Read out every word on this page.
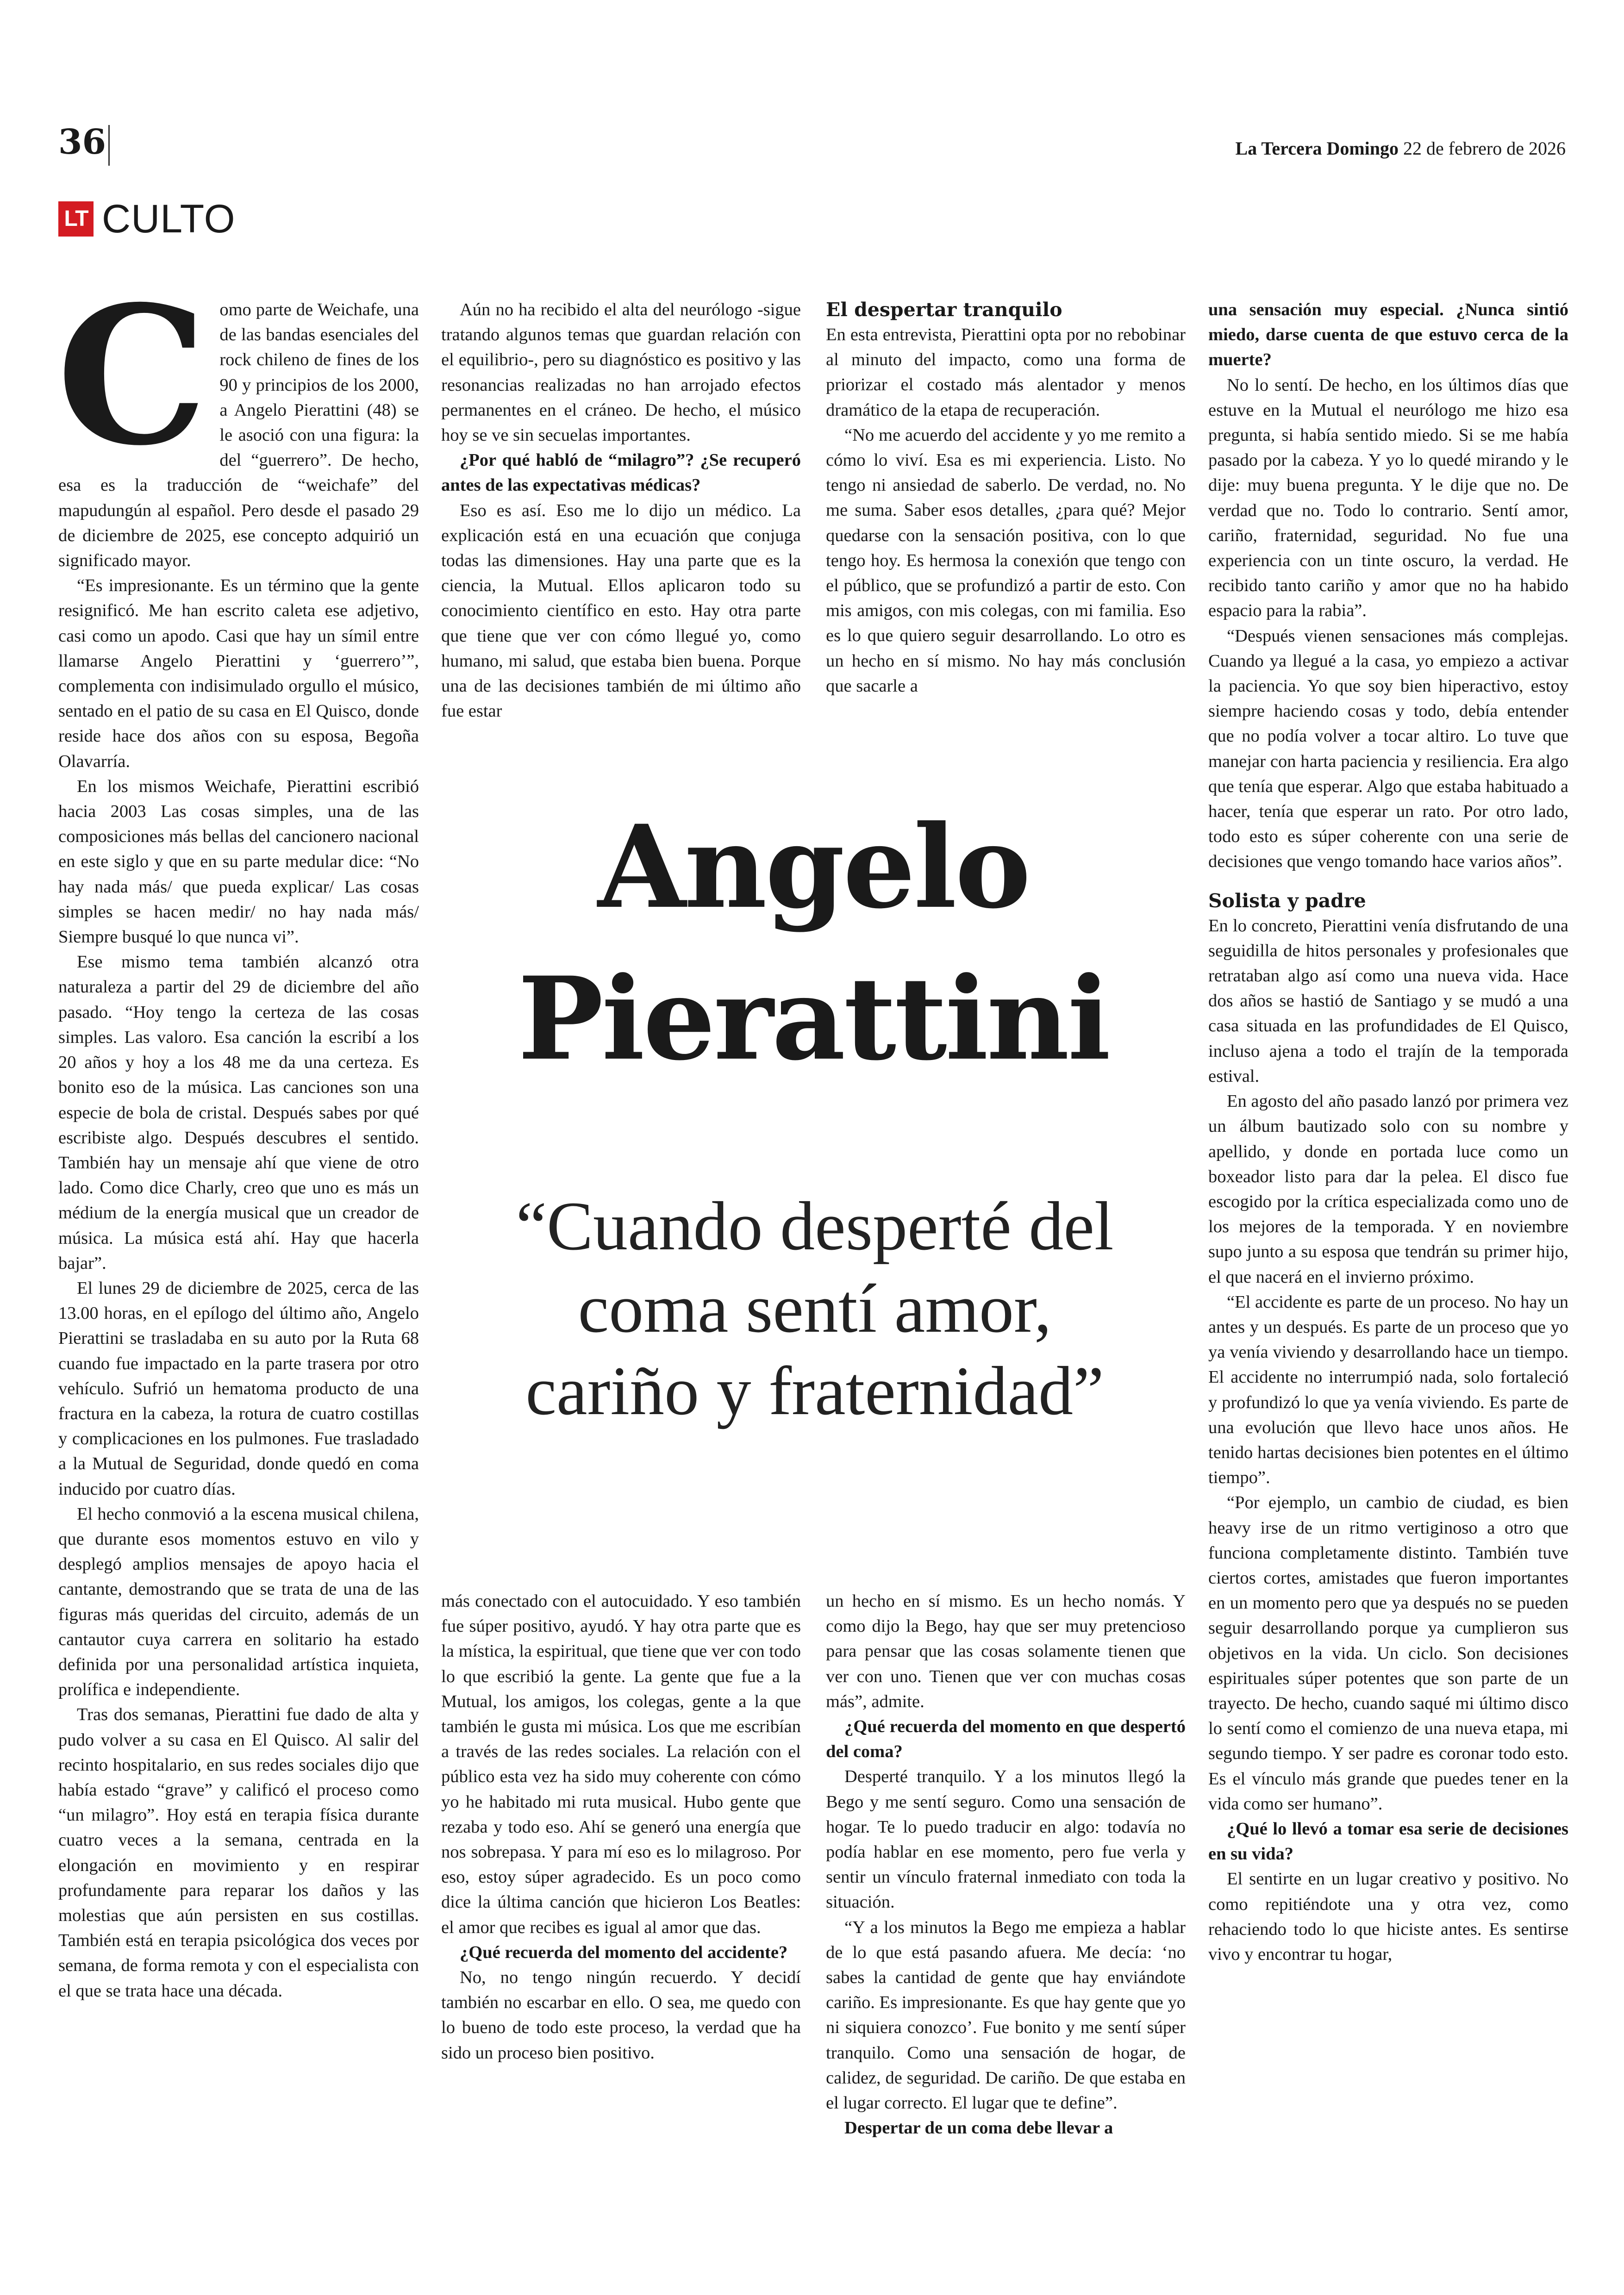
36	La Tercera Domingo 22 de febrero de 2026
LT CULTO
C omo parte de Weichafe, una de las bandas esenciales del rock chileno de fines de los 90 y principios de los 2000, a Angelo Pierattini (48) se le asoció con una figura: la del “guerrero”. De hecho, esa es la traducción de “weichafe” del mapudungún al español. Pero desde el pasado 29 de diciembre de 2025, ese concepto adquirió un significado mayor.

“Es impresionante. Es un término que la gente resignificó. Me han escrito caleta ese adjetivo, casi como un apodo. Casi que hay un símil entre llamarse Angelo Pierattini y ‘guerrero’”, complementa con indisimulado orgullo el músico, sentado en el patio de su casa en El Quisco, donde reside hace dos años con su esposa, Begoña Olavarría.

En los mismos Weichafe, Pierattini escribió hacia 2003 Las cosas simples, una de las composiciones más bellas del cancionero nacional en este siglo y que en su parte medular dice: “No hay nada más/ que pueda explicar/ Las cosas simples se hacen medir/ no hay nada más/ Siempre busqué lo que nunca vi”.

Ese mismo tema también alcanzó otra naturaleza a partir del 29 de diciembre del año pasado. “Hoy tengo la certeza de las cosas simples. Las valoro. Esa canción la escribí a los 20 años y hoy a los 48 me da una certeza. Es bonito eso de la música. Las canciones son una especie de bola de cristal. Después sabes por qué escribiste algo. Después descubres el sentido. También hay un mensaje ahí que viene de otro lado. Como dice Charly, creo que uno es más un médium de la energía musical que un creador de música. La música está ahí. Hay que hacerla bajar”.

El lunes 29 de diciembre de 2025, cerca de las 13.00 horas, en el epílogo del último año, Angelo Pierattini se trasladaba en su auto por la Ruta 68 cuando fue impactado en la parte trasera por otro vehículo. Sufrió un hematoma producto de una fractura en la cabeza, la rotura de cuatro costillas y complicaciones en los pulmones. Fue trasladado a la Mutual de Seguridad, donde quedó en coma inducido por cuatro días.

El hecho conmovió a la escena musical chilena, que durante esos momentos estuvo en vilo y desplegó amplios mensajes de apoyo hacia el cantante, demostrando que se trata de una de las figuras más queridas del circuito, además de un cantautor cuya carrera en solitario ha estado definida por una personalidad artística inquieta, prolífica e independiente.

Tras dos semanas, Pierattini fue dado de alta y pudo volver a su casa en El Quisco. Al salir del recinto hospitalario, en sus redes sociales dijo que había estado “grave” y calificó el proceso como “un milagro”. Hoy está en terapia física durante cuatro veces a la semana, centrada en la elongación en movimiento y en respirar profundamente para reparar los daños y las molestias que aún persisten en sus costillas. También está en terapia psicológica dos veces por semana, de forma remota y con el especialista con el que se trata hace una década.

Aún no ha recibido el alta del neurólogo -sigue tratando algunos temas que guardan relación con el equilibrio-, pero su diagnóstico es positivo y las resonancias realizadas no han arrojado efectos permanentes en el cráneo. De hecho, el músico hoy se ve sin secuelas importantes.

¿Por qué habló de “milagro”? ¿Se recuperó antes de las expectativas médicas?

Eso es así. Eso me lo dijo un médico. La explicación está en una ecuación que conjuga todas las dimensiones. Hay una parte que es la ciencia, la Mutual. Ellos aplicaron todo su conocimiento científico en esto. Hay otra parte que tiene que ver con cómo llegué yo, como humano, mi salud, que estaba bien buena. Porque una de las decisiones también de mi último año fue estar

El despertar tranquilo

En esta entrevista, Pierattini opta por no rebobinar al minuto del impacto, como una forma de priorizar el costado más alentador y menos dramático de la etapa de recuperación.

“No me acuerdo del accidente y yo me remito a cómo lo viví. Esa es mi experiencia. Listo. No tengo ni ansiedad de saberlo. De verdad, no. No me suma. Saber esos detalles, ¿para qué? Mejor quedarse con la sensación positiva, con lo que tengo hoy. Es hermosa la conexión que tengo con el público, que se profundizó a partir de esto. Con mis amigos, con mis colegas, con mi familia. Eso es lo que quiero seguir desarrollando. Lo otro es un hecho en sí mismo. No hay más conclusión que sacarle a

Angelo
Pierattini
“Cuando desperté del coma sentí amor, cariño y fraternidad”

más conectado con el autocuidado. Y eso también fue súper positivo, ayudó. Y hay otra parte que es la mística, la espiritual, que tiene que ver con todo lo que escribió la gente. La gente que fue a la Mutual, los amigos, los colegas, gente a la que también le gusta mi música. Los que me escribían a través de las redes sociales. La relación con el público esta vez ha sido muy coherente con cómo yo he habitado mi ruta musical. Hubo gente que rezaba y todo eso. Ahí se generó una energía que nos sobrepasa. Y para mí eso es lo milagroso. Por eso, estoy súper agradecido. Es un poco como dice la última canción que hicieron Los Beatles: el amor que recibes es igual al amor que das.

¿Qué recuerda del momento del accidente?

No, no tengo ningún recuerdo. Y decidí también no escarbar en ello. O sea, me quedo con lo bueno de todo este proceso, la verdad que ha sido un proceso bien positivo.

un hecho en sí mismo. Es un hecho nomás. Y como dijo la Bego, hay que ser muy pretencioso para pensar que las cosas solamente tienen que ver con uno. Tienen que ver con muchas cosas más”, admite.

¿Qué recuerda del momento en que despertó del coma?

Desperté tranquilo. Y a los minutos llegó la Bego y me sentí seguro. Como una sensación de hogar. Te lo puedo traducir en algo: todavía no podía hablar en ese momento, pero fue verla y sentir un vínculo fraternal inmediato con toda la situación.

“Y a los minutos la Bego me empieza a hablar de lo que está pasando afuera. Me decía: ‘no sabes la cantidad de gente que hay enviándote cariño. Es impresionante. Es que hay gente que yo ni siquiera conozco’. Fue bonito y me sentí súper tranquilo. Como una sensación de hogar, de calidez, de seguridad. De cariño. De que estaba en el lugar correcto. El lugar que te define”.

Despertar de un coma debe llevar a

una sensación muy especial. ¿Nunca sintió miedo, darse cuenta de que estuvo cerca de la muerte?

No lo sentí. De hecho, en los últimos días que estuve en la Mutual el neurólogo me hizo esa pregunta, si había sentido miedo. Si se me había pasado por la cabeza. Y yo lo quedé mirando y le dije: muy buena pregunta. Y le dije que no. De verdad que no. Todo lo contrario. Sentí amor, cariño, fraternidad, seguridad. No fue una experiencia con un tinte oscuro, la verdad. He recibido tanto cariño y amor que no ha habido espacio para la rabia”.

“Después vienen sensaciones más complejas. Cuando ya llegué a la casa, yo empiezo a activar la paciencia. Yo que soy bien hiperactivo, estoy siempre haciendo cosas y todo, debía entender que no podía volver a tocar altiro. Lo tuve que manejar con harta paciencia y resiliencia. Era algo que tenía que esperar. Algo que estaba habituado a hacer, tenía que esperar un rato. Por otro lado, todo esto es súper coherente con una serie de decisiones que vengo tomando hace varios años”.

Solista y padre

En lo concreto, Pierattini venía disfrutando de una seguidilla de hitos personales y profesionales que retrataban algo así como una nueva vida. Hace dos años se hastió de Santiago y se mudó a una casa situada en las profundidades de El Quisco, incluso ajena a todo el trajín de la temporada estival.

En agosto del año pasado lanzó por primera vez un álbum bautizado solo con su nombre y apellido, y donde en portada luce como un boxeador listo para dar la pelea. El disco fue escogido por la crítica especializada como uno de los mejores de la temporada. Y en noviembre supo junto a su esposa que tendrán su primer hijo, el que nacerá en el invierno próximo.

“El accidente es parte de un proceso. No hay un antes y un después. Es parte de un proceso que yo ya venía viviendo y desarrollando hace un tiempo. El accidente no interrumpió nada, solo fortaleció y profundizó lo que ya venía viviendo. Es parte de una evolución que llevo hace unos años. He tenido hartas decisiones bien potentes en el último tiempo”.

“Por ejemplo, un cambio de ciudad, es bien heavy irse de un ritmo vertiginoso a otro que funciona completamente distinto. También tuve ciertos cortes, amistades que fueron importantes en un momento pero que ya después no se pueden seguir desarrollando porque ya cumplieron sus objetivos en la vida. Un ciclo. Son decisiones espirituales súper potentes que son parte de un trayecto. De hecho, cuando saqué mi último disco lo sentí como el comienzo de una nueva etapa, mi segundo tiempo. Y ser padre es coronar todo esto. Es el vínculo más grande que puedes tener en la vida como ser humano”.

¿Qué lo llevó a tomar esa serie de decisiones en su vida?

El sentirte en un lugar creativo y positivo. No como repitiéndote una y otra vez, como rehaciendo todo lo que hiciste antes. Es sentirse vivo y encontrar tu hogar,
